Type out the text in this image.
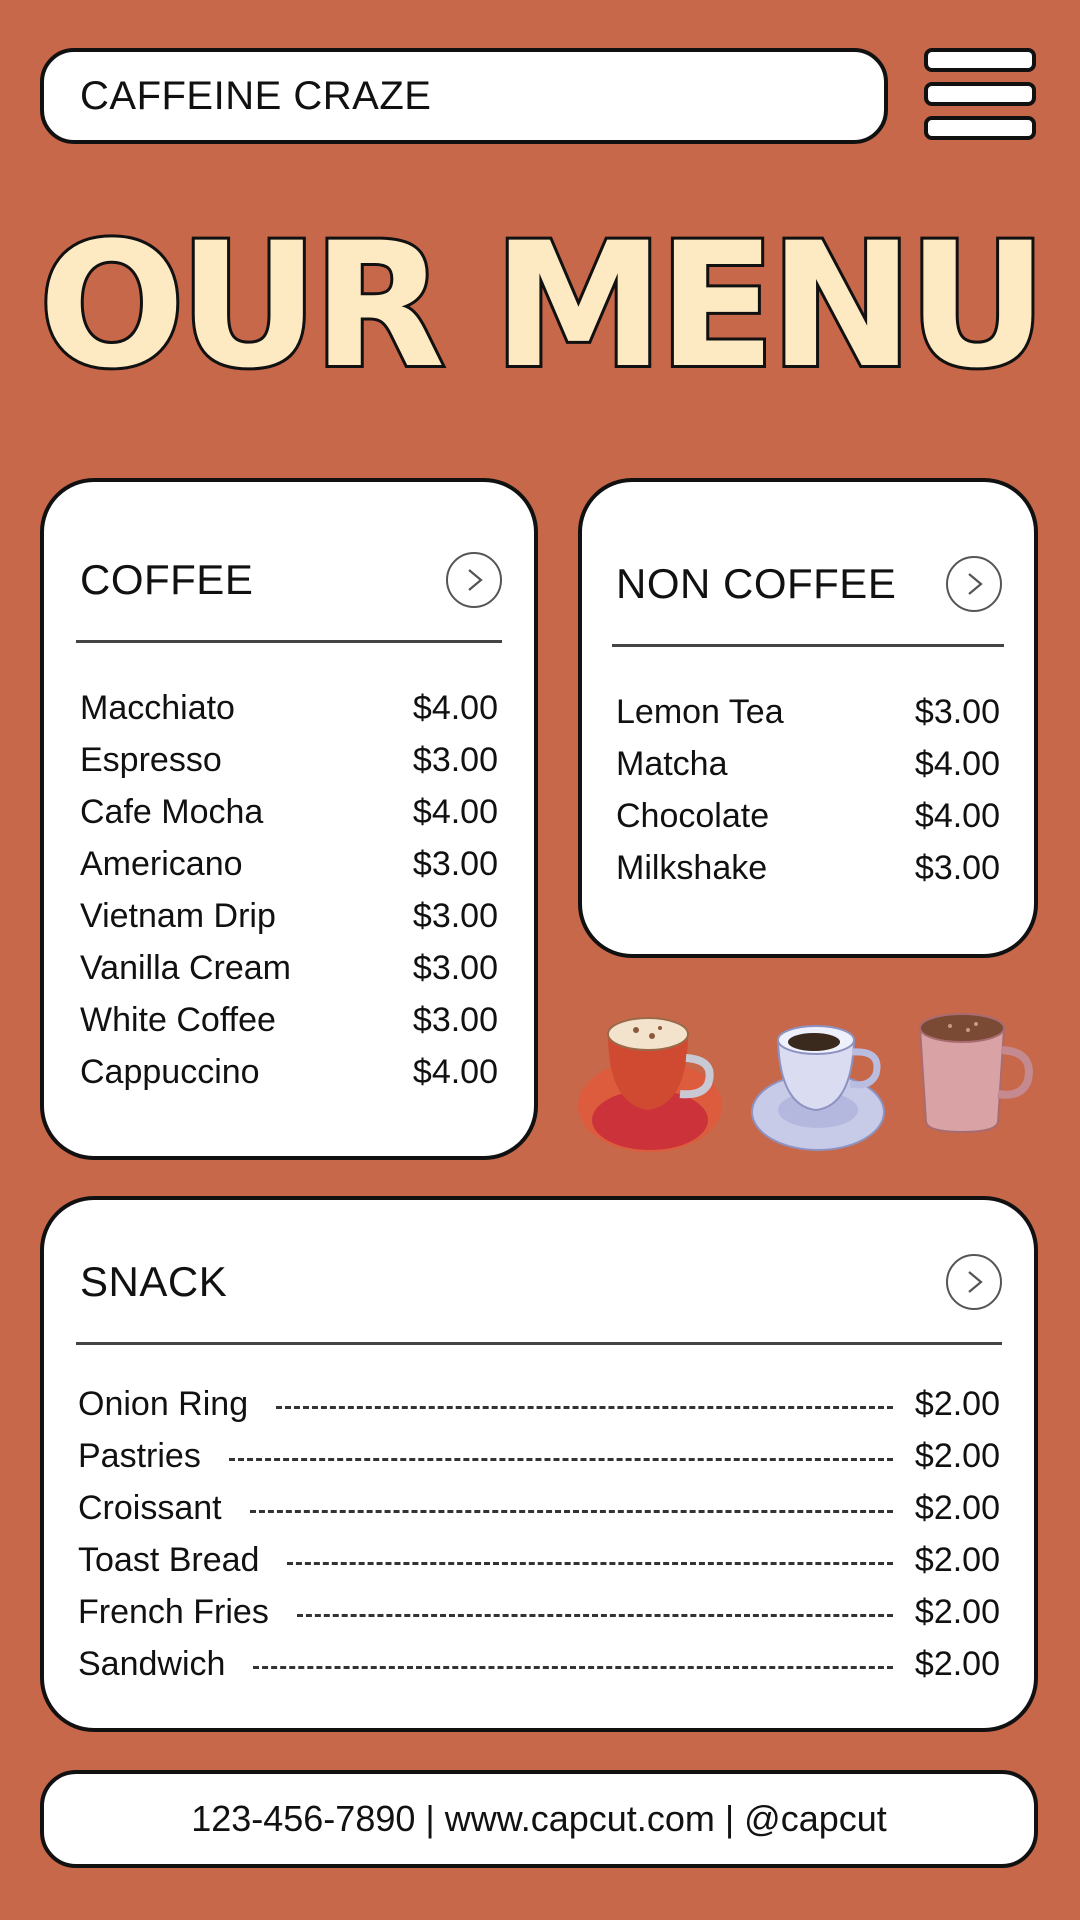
CAFFEINE CRAZE
OUR MENU
COFFEE
Macchiato	$4.00
Espresso	$3.00
Cafe Mocha	$4.00
Americano	$3.00
Vietnam Drip	$3.00
Vanilla Cream	$3.00
White Coffee	$3.00
Cappuccino	$4.00
NON COFFEE
Lemon Tea	$3.00
Matcha	$4.00
Chocolate	$4.00
Milkshake	$3.00
SNACK
Onion Ring	$2.00
Pastries	$2.00
Croissant	$2.00
Toast Bread	$2.00
French Fries	$2.00
Sandwich	$2.00
123-456-7890 | www.capcut.com | @capcut
